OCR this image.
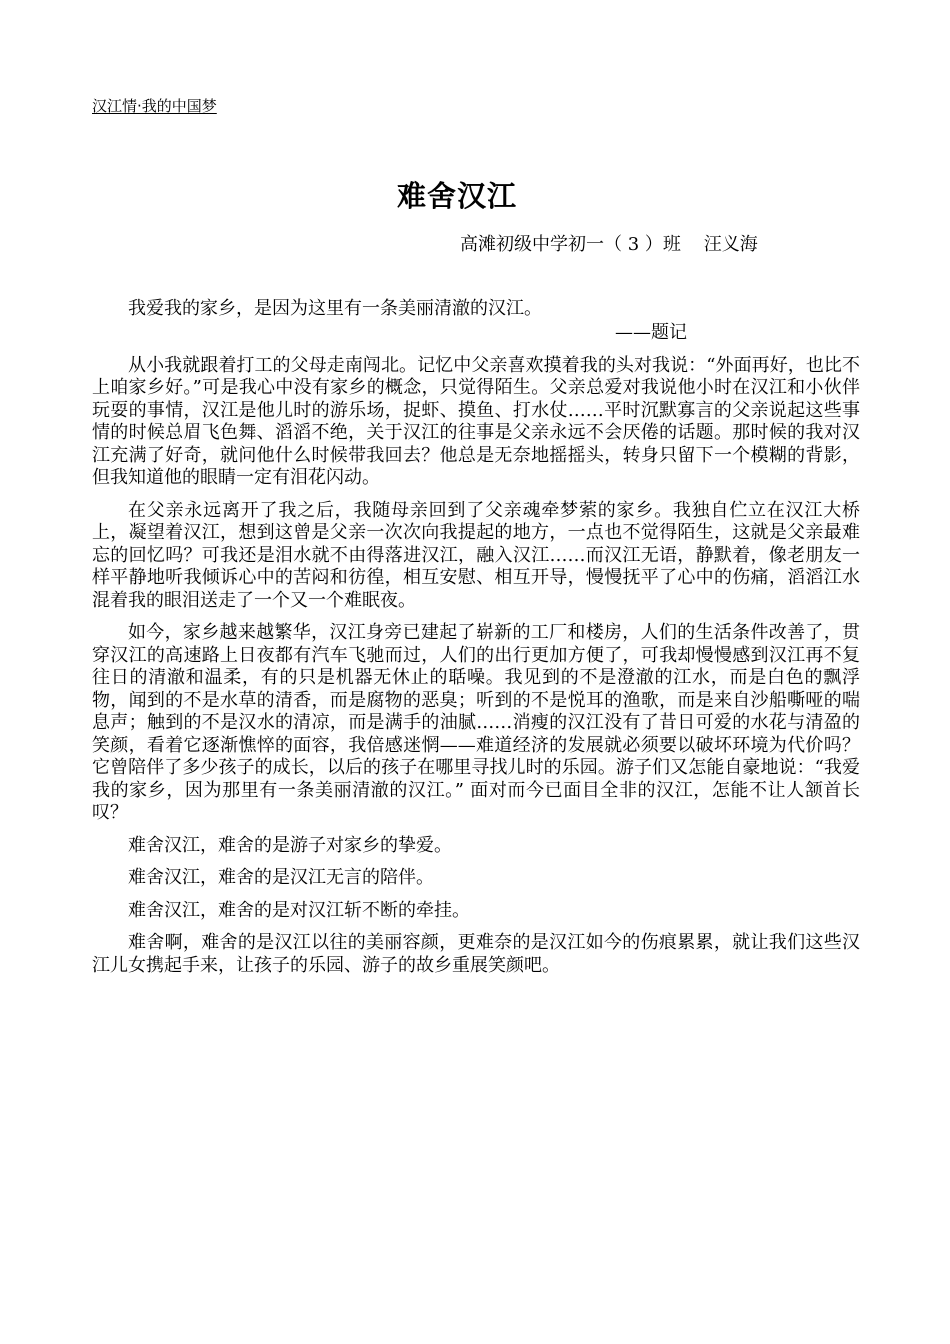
汉江情·我的中国梦
难舍汉江
高滩初级中学初一（ 3 ）班    汪义海

我爱我的家乡，是因为这里有一条美丽清澈的汉江。

——题记

从小我就跟着打工的父母走南闯北。记忆中父亲喜欢摸着我的头对我说：“外面再好，也比不上咱家乡好。”可是我心中没有家乡的概念，只觉得陌生。父亲总爱对我说他小时在汉江和小伙伴玩耍的事情，汉江是他儿时的游乐场，捉虾、摸鱼、打水仗……平时沉默寡言的父亲说起这些事情的时候总眉飞色舞、滔滔不绝，关于汉江的往事是父亲永远不会厌倦的话题。那时候的我对汉江充满了好奇，就问他什么时候带我回去？他总是无奈地摇摇头，转身只留下一个模糊的背影，但我知道他的眼睛一定有泪花闪动。

在父亲永远离开了我之后，我随母亲回到了父亲魂牵梦萦的家乡。我独自伫立在汉江大桥上，凝望着汉江，想到这曾是父亲一次次向我提起的地方，一点也不觉得陌生，这就是父亲最难忘的回忆吗？可我还是泪水就不由得落进汉江，融入汉江……而汉江无语，静默着，像老朋友一样平静地听我倾诉心中的苦闷和彷徨，相互安慰、相互开导，慢慢抚平了心中的伤痛，滔滔江水混着我的眼泪送走了一个又一个难眠夜。

如今，家乡越来越繁华，汉江身旁已建起了崭新的工厂和楼房，人们的生活条件改善了，贯穿汉江的高速路上日夜都有汽车飞驰而过，人们的出行更加方便了，可我却慢慢感到汉江再不复往日的清澈和温柔，有的只是机器无休止的聒噪。我见到的不是澄澈的江水，而是白色的飘浮物，闻到的不是水草的清香，而是腐物的恶臭；听到的不是悦耳的渔歌，而是来自沙船嘶哑的喘息声；触到的不是汉水的清凉，而是满手的油腻……消瘦的汉江没有了昔日可爱的水花与清盈的笑颜，看着它逐渐憔悴的面容，我倍感迷惘——难道经济的发展就必须要以破坏环境为代价吗？它曾陪伴了多少孩子的成长，以后的孩子在哪里寻找儿时的乐园。游子们又怎能自豪地说：“我爱我的家乡，因为那里有一条美丽清澈的汉江。” 面对而今已面目全非的汉江，怎能不让人颔首长叹？

难舍汉江，难舍的是游子对家乡的挚爱。

难舍汉江，难舍的是汉江无言的陪伴。

难舍汉江，难舍的是对汉江斩不断的牵挂。

难舍啊，难舍的是汉江以往的美丽容颜，更难奈的是汉江如今的伤痕累累，就让我们这些汉江儿女携起手来，让孩子的乐园、游子的故乡重展笑颜吧。
